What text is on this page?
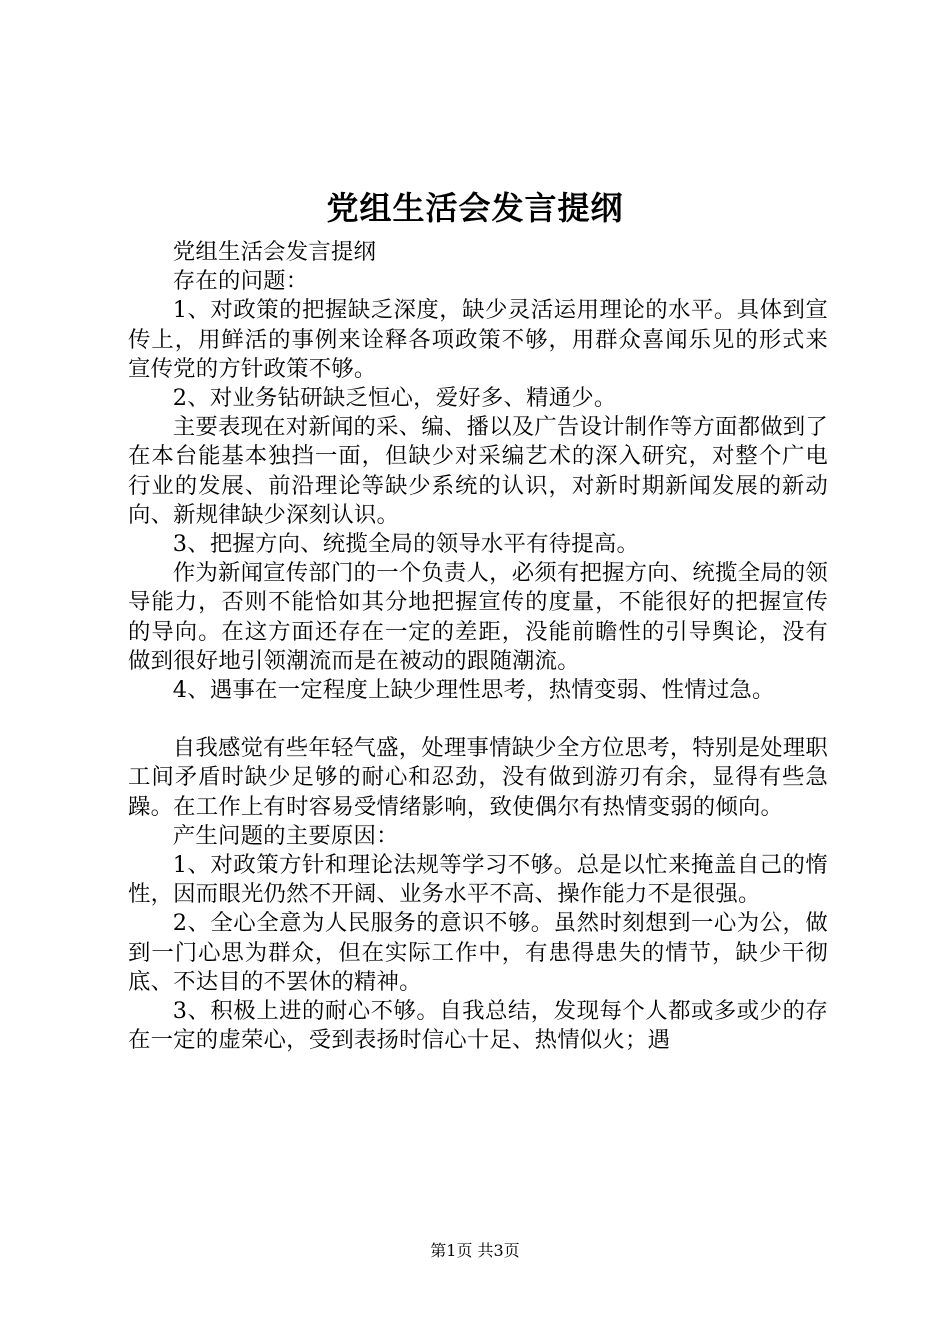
党组生活会发言提纲

党组生活会发言提纲

存在的问题：

1、对政策的把握缺乏深度，缺少灵活运用理论的水平。具体到宣传上，用鲜活的事例来诠释各项政策不够，用群众喜闻乐见的形式来宣传党的方针政策不够。

2、对业务钻研缺乏恒心，爱好多、精通少。

主要表现在对新闻的采、编、播以及广告设计制作等方面都做到了在本台能基本独挡一面，但缺少对采编艺术的深入研究，对整个广电行业的发展、前沿理论等缺少系统的认识，对新时期新闻发展的新动向、新规律缺少深刻认识。

3、把握方向、统揽全局的领导水平有待提高。

作为新闻宣传部门的一个负责人，必须有把握方向、统揽全局的领导能力，否则不能恰如其分地把握宣传的度量，不能很好的把握宣传的导向。在这方面还存在一定的差距，没能前瞻性的引导舆论，没有做到很好地引领潮流而是在被动的跟随潮流。

4、遇事在一定程度上缺少理性思考，热情变弱、性情过急。

自我感觉有些年轻气盛，处理事情缺少全方位思考，特别是处理职工间矛盾时缺少足够的耐心和忍劲，没有做到游刃有余，显得有些急躁。在工作上有时容易受情绪影响，致使偶尔有热情变弱的倾向。

产生问题的主要原因：

1、对政策方针和理论法规等学习不够。总是以忙来掩盖自己的惰性，因而眼光仍然不开阔、业务水平不高、操作能力不是很强。

2、全心全意为人民服务的意识不够。虽然时刻想到一心为公，做到一门心思为群众，但在实际工作中，有患得患失的情节，缺少干彻底、不达目的不罢休的精神。

3、积极上进的耐心不够。自我总结，发现每个人都或多或少的存在一定的虚荣心，受到表扬时信心十足、热情似火；遇

第1页 共3页
